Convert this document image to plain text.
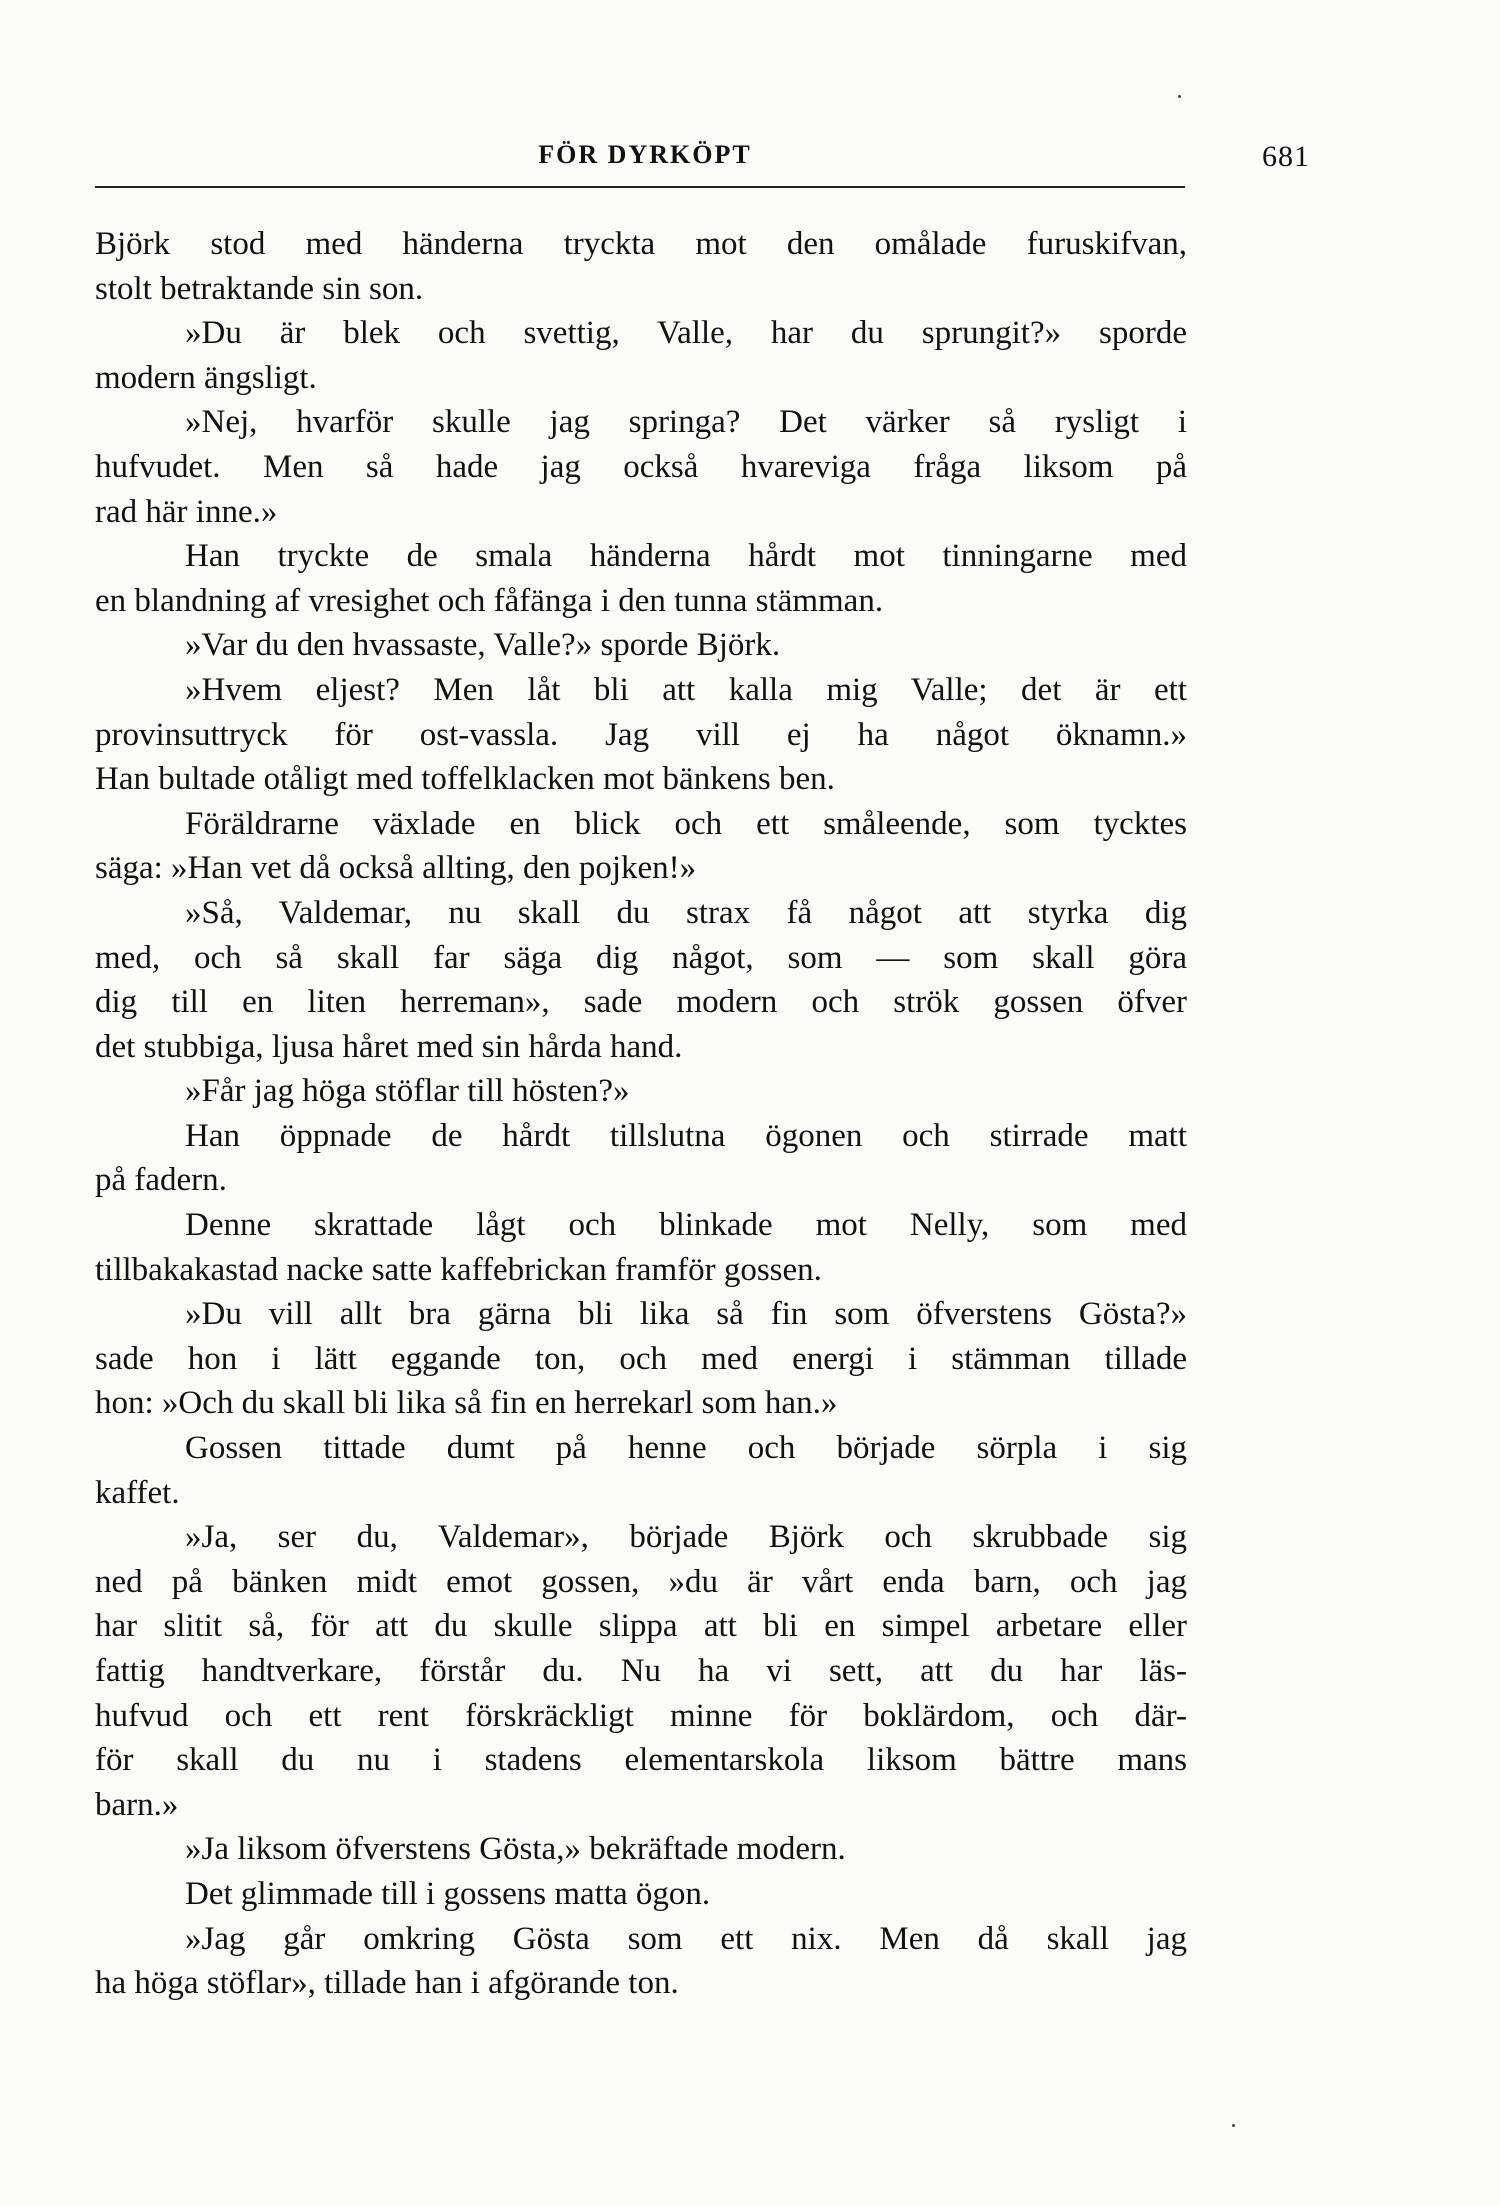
FÖR DYRKÖPT	681
Björk stod med händerna tryckta mot den omålade furuskifvan,
stolt betraktande sin son.
»Du är blek och svettig, Valle, har du sprungit?» sporde
modern ängsligt.
»Nej, hvarför skulle jag springa? Det värker så rysligt i
hufvudet. Men så hade jag också hvareviga fråga liksom på
rad här inne.»
Han tryckte de smala händerna hårdt mot tinningarne med
en blandning af vresighet och fåfänga i den tunna stämman.
»Var du den hvassaste, Valle?» sporde Björk.
»Hvem eljest? Men låt bli att kalla mig Valle; det är ett
provinsuttryck för ost-vassla. Jag vill ej ha något öknamn.»
Han bultade otåligt med toffelklacken mot bänkens ben.
Föräldrarne växlade en blick och ett småleende, som tycktes
säga: »Han vet då också allting, den pojken!»
»Så, Valdemar, nu skall du strax få något att styrka dig
med, och så skall far säga dig något, som — som skall göra
dig till en liten herreman», sade modern och strök gossen öfver
det stubbiga, ljusa håret med sin hårda hand.
»Får jag höga stöflar till hösten?»
Han öppnade de hårdt tillslutna ögonen och stirrade matt
på fadern.
Denne skrattade lågt och blinkade mot Nelly, som med
tillbakakastad nacke satte kaffebrickan framför gossen.
»Du vill allt bra gärna bli lika så fin som öfverstens Gösta?»
sade hon i lätt eggande ton, och med energi i stämman tillade
hon: »Och du skall bli lika så fin en herrekarl som han.»
Gossen tittade dumt på henne och började sörpla i sig
kaffet.
»Ja, ser du, Valdemar», började Björk och skrubbade sig
ned på bänken midt emot gossen, »du är vårt enda barn, och jag
har slitit så, för att du skulle slippa att bli en simpel arbetare eller
fattig handtverkare, förstår du. Nu ha vi sett, att du har läs-
hufvud och ett rent förskräckligt minne för boklärdom, och där-
för skall du nu i stadens elementarskola liksom bättre mans
barn.»
»Ja liksom öfverstens Gösta,» bekräftade modern.
Det glimmade till i gossens matta ögon.
»Jag går omkring Gösta som ett nix. Men då skall jag
ha höga stöflar», tillade han i afgörande ton.
